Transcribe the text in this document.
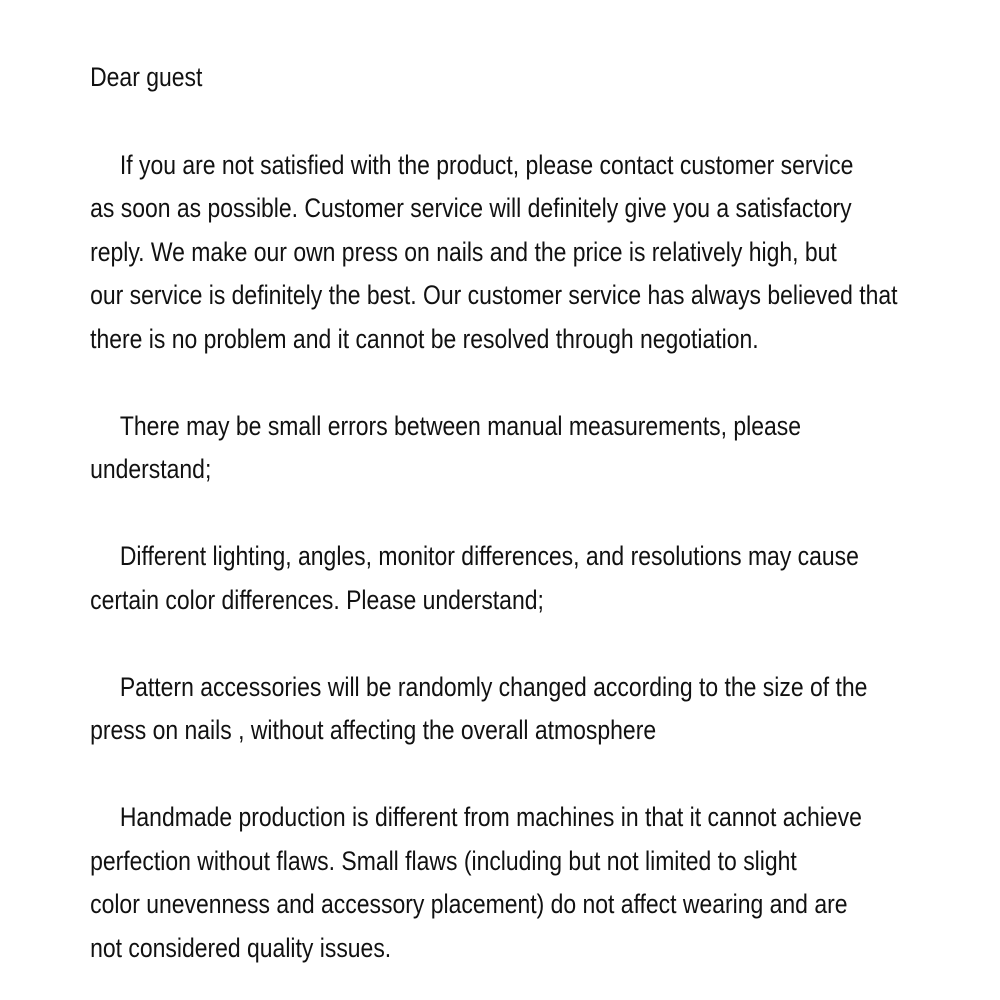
Dear guest
If you are not satisfied with the product, please contact customer service
as soon as possible. Customer service will definitely give you a satisfactory
reply. We make our own press on nails and the price is relatively high, but
our service is definitely the best. Our customer service has always believed that
there is no problem and it cannot be resolved through negotiation.
There may be small errors between manual measurements, please
understand;
Different lighting, angles, monitor differences, and resolutions may cause
certain color differences. Please understand;
Pattern accessories will be randomly changed according to the size of the
press on nails , without affecting the overall atmosphere
Handmade production is different from machines in that it cannot achieve
perfection without flaws. Small flaws (including but not limited to slight
color unevenness and accessory placement) do not affect wearing and are
not considered quality issues.
